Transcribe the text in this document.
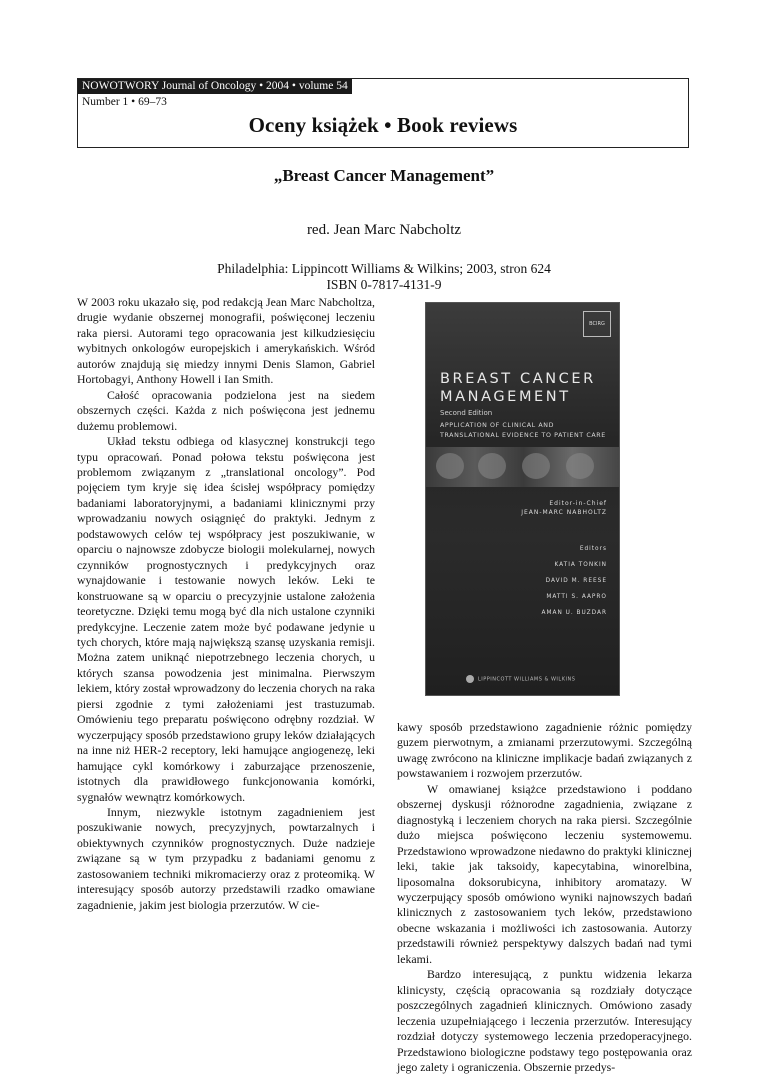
NOWOTWORY Journal of Oncology • 2004 • volume 54
Number 1 • 69–73
Oceny książek • Book reviews
„Breast Cancer Management”
red. Jean Marc Nabcholtz
Philadelphia: Lippincott Williams & Wilkins; 2003, stron 624
ISBN 0-7817-4131-9

W 2003 roku ukazało się, pod redakcją Jean Marc Nabcholtza, drugie wydanie obszernej monografii, poświęconej leczeniu raka piersi. Autorami tego opracowania jest kilkudziesięciu wybitnych onkologów europejskich i amerykańskich. Wśród autorów znajdują się miedzy innymi Denis Slamon, Gabriel Hortobagyi, Anthony Howell i Ian Smith.

Całość opracowania podzielona jest na siedem obszernych części. Każda z nich poświęcona jest jednemu dużemu problemowi.

Układ tekstu odbiega od klasycznej konstrukcji tego typu opracowań. Ponad połowa tekstu poświęcona jest problemom związanym z „translational oncology”. Pod pojęciem tym kryje się idea ścisłej współpracy pomiędzy badaniami laboratoryjnymi, a badaniami klinicznymi przy wprowadzaniu nowych osiągnięć do praktyki. Jednym z podstawowych celów tej współpracy jest poszukiwanie, w oparciu o najnowsze zdobycze biologii molekularnej, nowych czynników prognostycznych i predykcyjnych oraz wynajdowanie i testowanie nowych leków. Leki te konstruowane są w oparciu o precyzyjnie ustalone założenia teoretyczne. Dzięki temu mogą być dla nich ustalone czynniki predykcyjne. Leczenie zatem może być podawane jedynie u tych chorych, które mają największą szansę uzyskania remisji. Można zatem uniknąć niepotrzebnego leczenia chorych, u których szansa powodzenia jest minimalna. Pierwszym lekiem, który został wprowadzony do leczenia chorych na raka piersi zgodnie z tymi założeniami jest trastuzumab. Omówieniu tego preparatu poświęcono odrębny rozdział. W wyczerpujący sposób przedstawiono grupy leków działających na inne niż HER-2 receptory, leki hamujące angiogenezę, leki hamujące cykl komórkowy i zaburzające przenoszenie, istotnych dla prawidłowego funkcjonowania komórki, sygnałów wewnątrz komórkowych.

Innym, niezwykle istotnym zagadnieniem jest poszukiwanie nowych, precyzyjnych, powtarzalnych i obiektywnych czynników prognostycznych. Duże nadzieje związane są w tym przypadku z badaniami genomu z zastosowaniem techniki mikromacierzy oraz z proteomiką. W interesujący sposób autorzy przedstawili rzadko omawiane zagadnienie, jakim jest biologia przerzutów. W cie-

BCIRG
BREAST CANCER
MANAGEMENT
Second Edition
APPLICATION OF CLINICAL AND TRANSLATIONAL EVIDENCE TO PATIENT CARE
Editor-in-Chief
JEAN-MARC NABHOLTZ
Editors
KATIA TONKIN
DAVID M. REESE
MATTI S. AAPRO
AMAN U. BUZDAR
LIPPINCOTT WILLIAMS & WILKINS

kawy sposób przedstawiono zagadnienie różnic pomiędzy guzem pierwotnym, a zmianami przerzutowymi. Szczególną uwagę zwrócono na kliniczne implikacje badań związanych z powstawaniem i rozwojem przerzutów.

W omawianej książce przedstawiono i poddano obszernej dyskusji różnorodne zagadnienia, związane z diagnostyką i leczeniem chorych na raka piersi. Szczególnie dużo miejsca poświęcono leczeniu systemowemu. Przedstawiono wprowadzone niedawno do praktyki klinicznej leki, takie jak taksoidy, kapecytabina, winorelbina, liposomalna doksorubicyna, inhibitory aromatazy. W wyczerpujący sposób omówiono wyniki najnowszych badań klinicznych z zastosowaniem tych leków, przedstawiono obecne wskazania i możliwości ich zastosowania. Autorzy przedstawili również perspektywy dalszych badań nad tymi lekami.

Bardzo interesującą, z punktu widzenia lekarza klinicysty, częścią opracowania są rozdziały dotyczące poszczególnych zagadnień klinicznych. Omówiono zasady leczenia uzupełniającego i leczenia przerzutów. Interesujący rozdział dotyczy systemowego leczenia przedoperacyjnego. Przedstawiono biologiczne podstawy tego postępowania oraz jego zalety i ograniczenia. Obszernie przedys-
